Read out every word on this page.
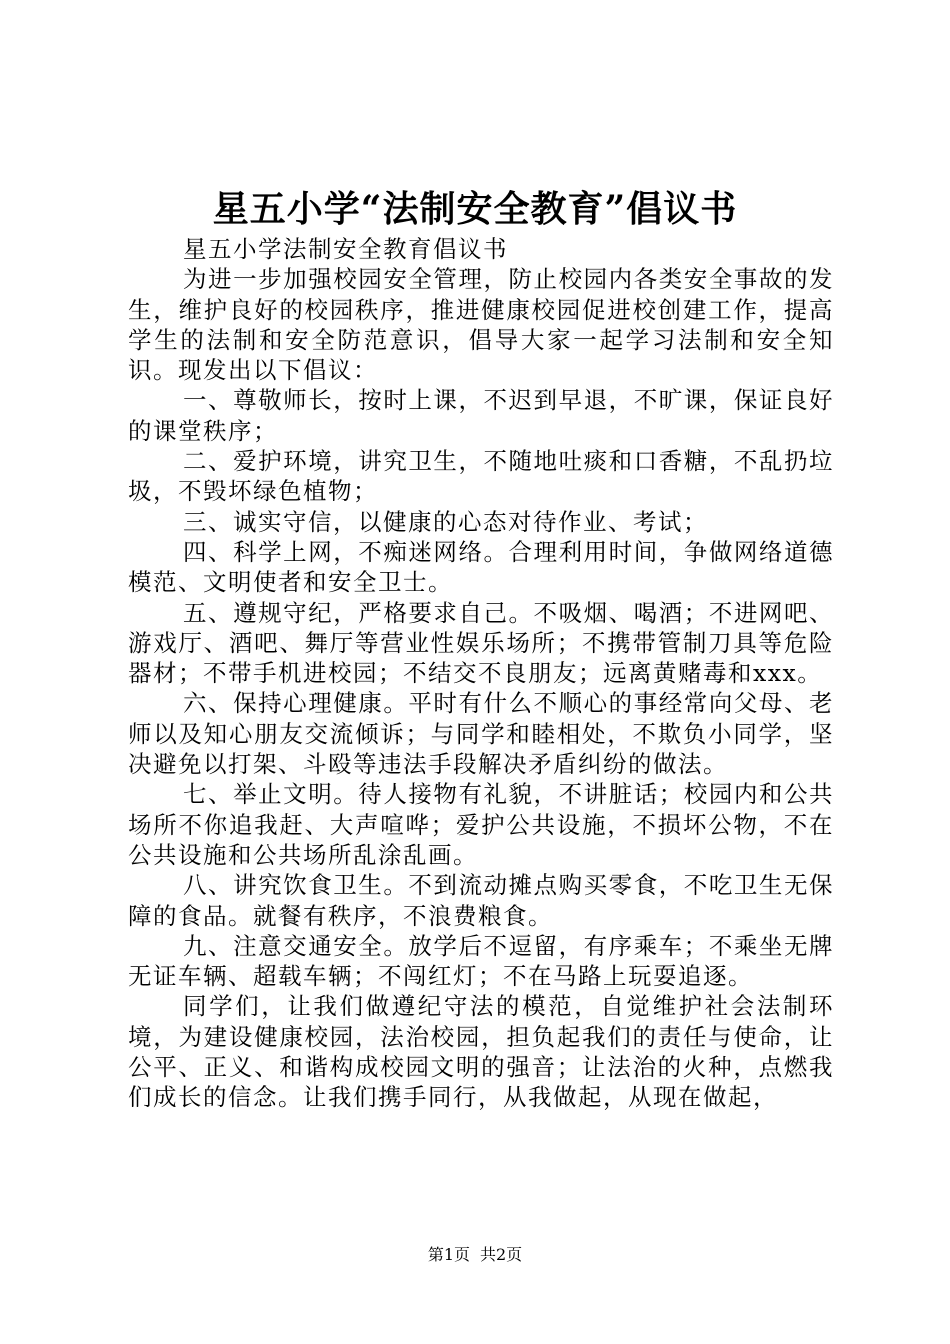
星五小学“法制安全教育”倡议书

星五小学法制安全教育倡议书

为进一步加强校园安全管理，防止校园内各类安全事故的发生，维护良好的校园秩序，推进健康校园促进校创建工作，提高学生的法制和安全防范意识，倡导大家一起学习法制和安全知识。现发出以下倡议：

一、尊敬师长，按时上课，不迟到早退，不旷课，保证良好的课堂秩序；

二、爱护环境，讲究卫生，不随地吐痰和口香糖，不乱扔垃圾，不毁坏绿色植物；

三、诚实守信，以健康的心态对待作业、考试；

四、科学上网，不痴迷网络。合理利用时间，争做网络道德模范、文明使者和安全卫士。

五、遵规守纪，严格要求自己。不吸烟、喝酒；不进网吧、游戏厅、酒吧、舞厅等营业性娱乐场所；不携带管制刀具等危险器材；不带手机进校园；不结交不良朋友；远离黄赌毒和xxx。

六、保持心理健康。平时有什么不顺心的事经常向父母、老师以及知心朋友交流倾诉；与同学和睦相处，不欺负小同学，坚决避免以打架、斗殴等违法手段解决矛盾纠纷的做法。

七、举止文明。待人接物有礼貌，不讲脏话；校园内和公共场所不你追我赶、大声喧哗；爱护公共设施，不损坏公物，不在公共设施和公共场所乱涂乱画。

八、讲究饮食卫生。不到流动摊点购买零食，不吃卫生无保障的食品。就餐有秩序，不浪费粮食。

九、注意交通安全。放学后不逗留，有序乘车；不乘坐无牌无证车辆、超载车辆；不闯红灯；不在马路上玩耍追逐。

同学们，让我们做遵纪守法的模范，自觉维护社会法制环境，为建设健康校园，法治校园，担负起我们的责任与使命，让公平、正义、和谐构成校园文明的强音；让法治的火种，点燃我们成长的信念。让我们携手同行，从我做起，从现在做起，

第1页 共2页
